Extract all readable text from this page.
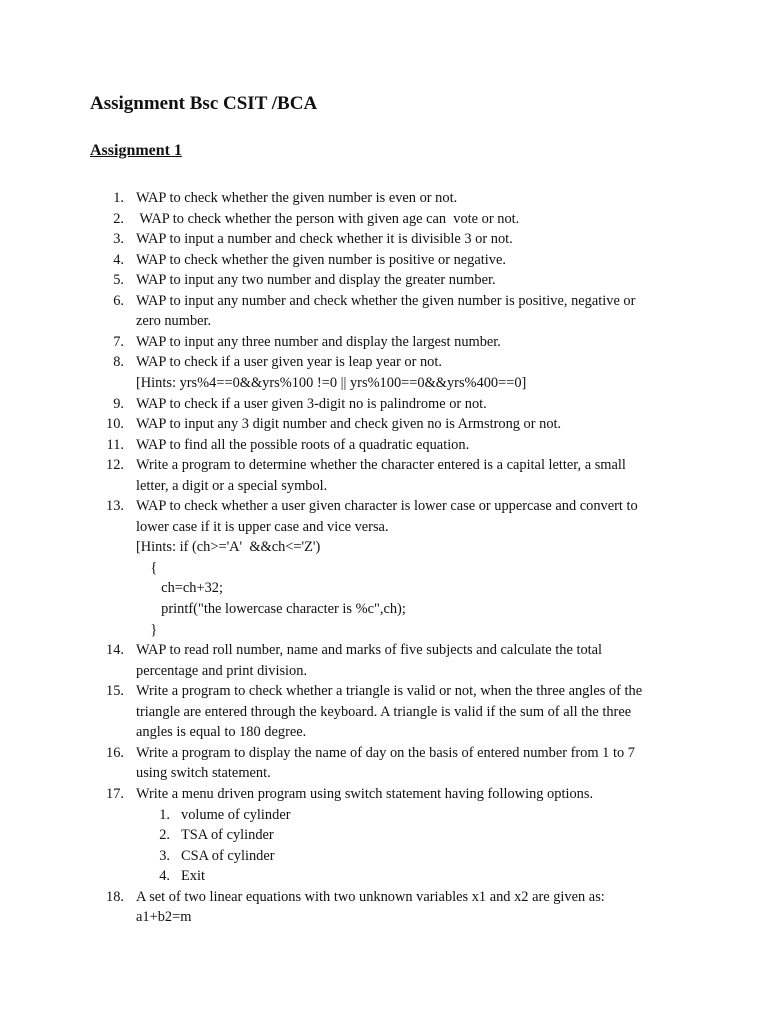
Assignment Bsc CSIT /BCA
Assignment 1
1. WAP to check whether the given number is even or not.
2. WAP to check whether the person with given age can  vote or not.
3. WAP to input a number and check whether it is divisible 3 or not.
4. WAP to check whether the given number is positive or negative.
5. WAP to input any two number and display the greater number.
6. WAP to input any number and check whether the given number is positive, negative or
zero number.
7. WAP to input any three number and display the largest number.
8. WAP to check if a user given year is leap year or not.
[Hints: yrs%4==0&&yrs%100 !=0 || yrs%100==0&&yrs%400==0]
9. WAP to check if a user given 3-digit no is palindrome or not.
10. WAP to input any 3 digit number and check given no is Armstrong or not.
11. WAP to find all the possible roots of a quadratic equation.
12. Write a program to determine whether the character entered is a capital letter, a small
letter, a digit or a special symbol.
13. WAP to check whether a user given character is lower case or uppercase and convert to
lower case if it is upper case and vice versa.
[Hints: if (ch>='A'  &&ch<='Z')
{
ch=ch+32;
printf("the lowercase character is %c",ch);
}
14. WAP to read roll number, name and marks of five subjects and calculate the total
percentage and print division.
15. Write a program to check whether a triangle is valid or not, when the three angles of the
triangle are entered through the keyboard. A triangle is valid if the sum of all the three
angles is equal to 180 degree.
16. Write a program to display the name of day on the basis of entered number from 1 to 7
using switch statement.
17. Write a menu driven program using switch statement having following options.
1. volume of cylinder
2. TSA of cylinder
3. CSA of cylinder
4. Exit
18. A set of two linear equations with two unknown variables x1 and x2 are given as:
a1+b2=m
